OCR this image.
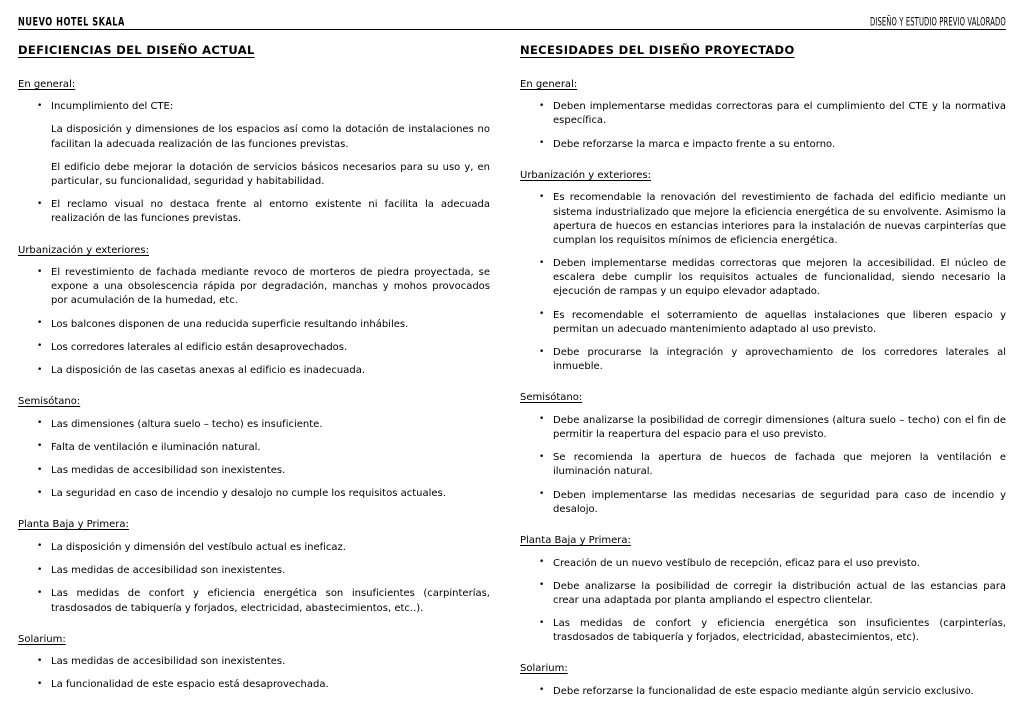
NUEVO HOTEL SKALA	DISEÑO Y ESTUDIO PREVIO VALORADO
DEFICIENCIAS DEL DISEÑO ACTUAL
En general:
• Incumplimiento del CTE:

La disposición y dimensiones de los espacios así como la dotación de instalaciones no facilitan la adecuada realización de las funciones previstas.

El edificio debe mejorar la dotación de servicios básicos necesarios para su uso y, en particular, su funcionalidad, seguridad y habitabilidad.

• El reclamo visual no destaca frente al entorno existente ni facilita la adecuada realización de las funciones previstas.
Urbanización y exteriores:
• El revestimiento de fachada mediante revoco de morteros de piedra proyectada, se expone a una obsolescencia rápida por degradación, manchas y mohos provocados por acumulación de la humedad, etc.
• Los balcones disponen de una reducida superficie resultando inhábiles.
• Los corredores laterales al edificio están desaprovechados.
• La disposición de las casetas anexas al edificio es inadecuada.
Semisótano:
• Las dimensiones (altura suelo – techo) es insuficiente.
• Falta de ventilación e iluminación natural.
• Las medidas de accesibilidad son inexistentes.
• La seguridad en caso de incendio y desalojo no cumple los requisitos actuales.
Planta Baja y Primera:
• La disposición y dimensión del vestíbulo actual es ineficaz.
• Las medidas de accesibilidad son inexistentes.
• Las medidas de confort y eficiencia energética son insuficientes (carpinterías, trasdosados de tabiquería y forjados, electricidad, abastecimientos, etc..).
Solarium:
• Las medidas de accesibilidad son inexistentes.
• La funcionalidad de este espacio está desaprovechada.
NECESIDADES DEL DISEÑO PROYECTADO
En general:
• Deben implementarse medidas correctoras para el cumplimiento del CTE y la normativa específica.
• Debe reforzarse la marca e impacto frente a su entorno.
Urbanización y exteriores:
• Es recomendable la renovación del revestimiento de fachada del edificio mediante un sistema industrializado que mejore la eficiencia energética de su envolvente. Asimismo la apertura de huecos en estancias interiores para la instalación de nuevas carpinterías que cumplan los requisitos mínimos de eficiencia energética.
• Deben implementarse medidas correctoras que mejoren la accesibilidad. El núcleo de escalera debe cumplir los requisitos actuales de funcionalidad, siendo necesario la ejecución de rampas y un equipo elevador adaptado.
• Es recomendable el soterramiento de aquellas instalaciones que liberen espacio y permitan un adecuado mantenimiento adaptado al uso previsto.
• Debe procurarse la integración y aprovechamiento de los corredores laterales al inmueble.
Semisótano:
• Debe analizarse la posibilidad de corregir dimensiones (altura suelo – techo) con el fin de permitir la reapertura del espacio para el uso previsto.
• Se recomienda la apertura de huecos de fachada que mejoren la ventilación e iluminación natural.
• Deben implementarse las medidas necesarias de seguridad para caso de incendio y desalojo.
Planta Baja y Primera:
• Creación de un nuevo vestíbulo de recepción, eficaz para el uso previsto.
• Debe analizarse la posibilidad de corregir la distribución actual de las estancias para crear una adaptada por planta ampliando el espectro clientelar.
• Las medidas de confort y eficiencia energética son insuficientes (carpinterías, trasdosados de tabiquería y forjados, electricidad, abastecimientos, etc).
Solarium:
• Debe reforzarse la funcionalidad de este espacio mediante algún servicio exclusivo.
